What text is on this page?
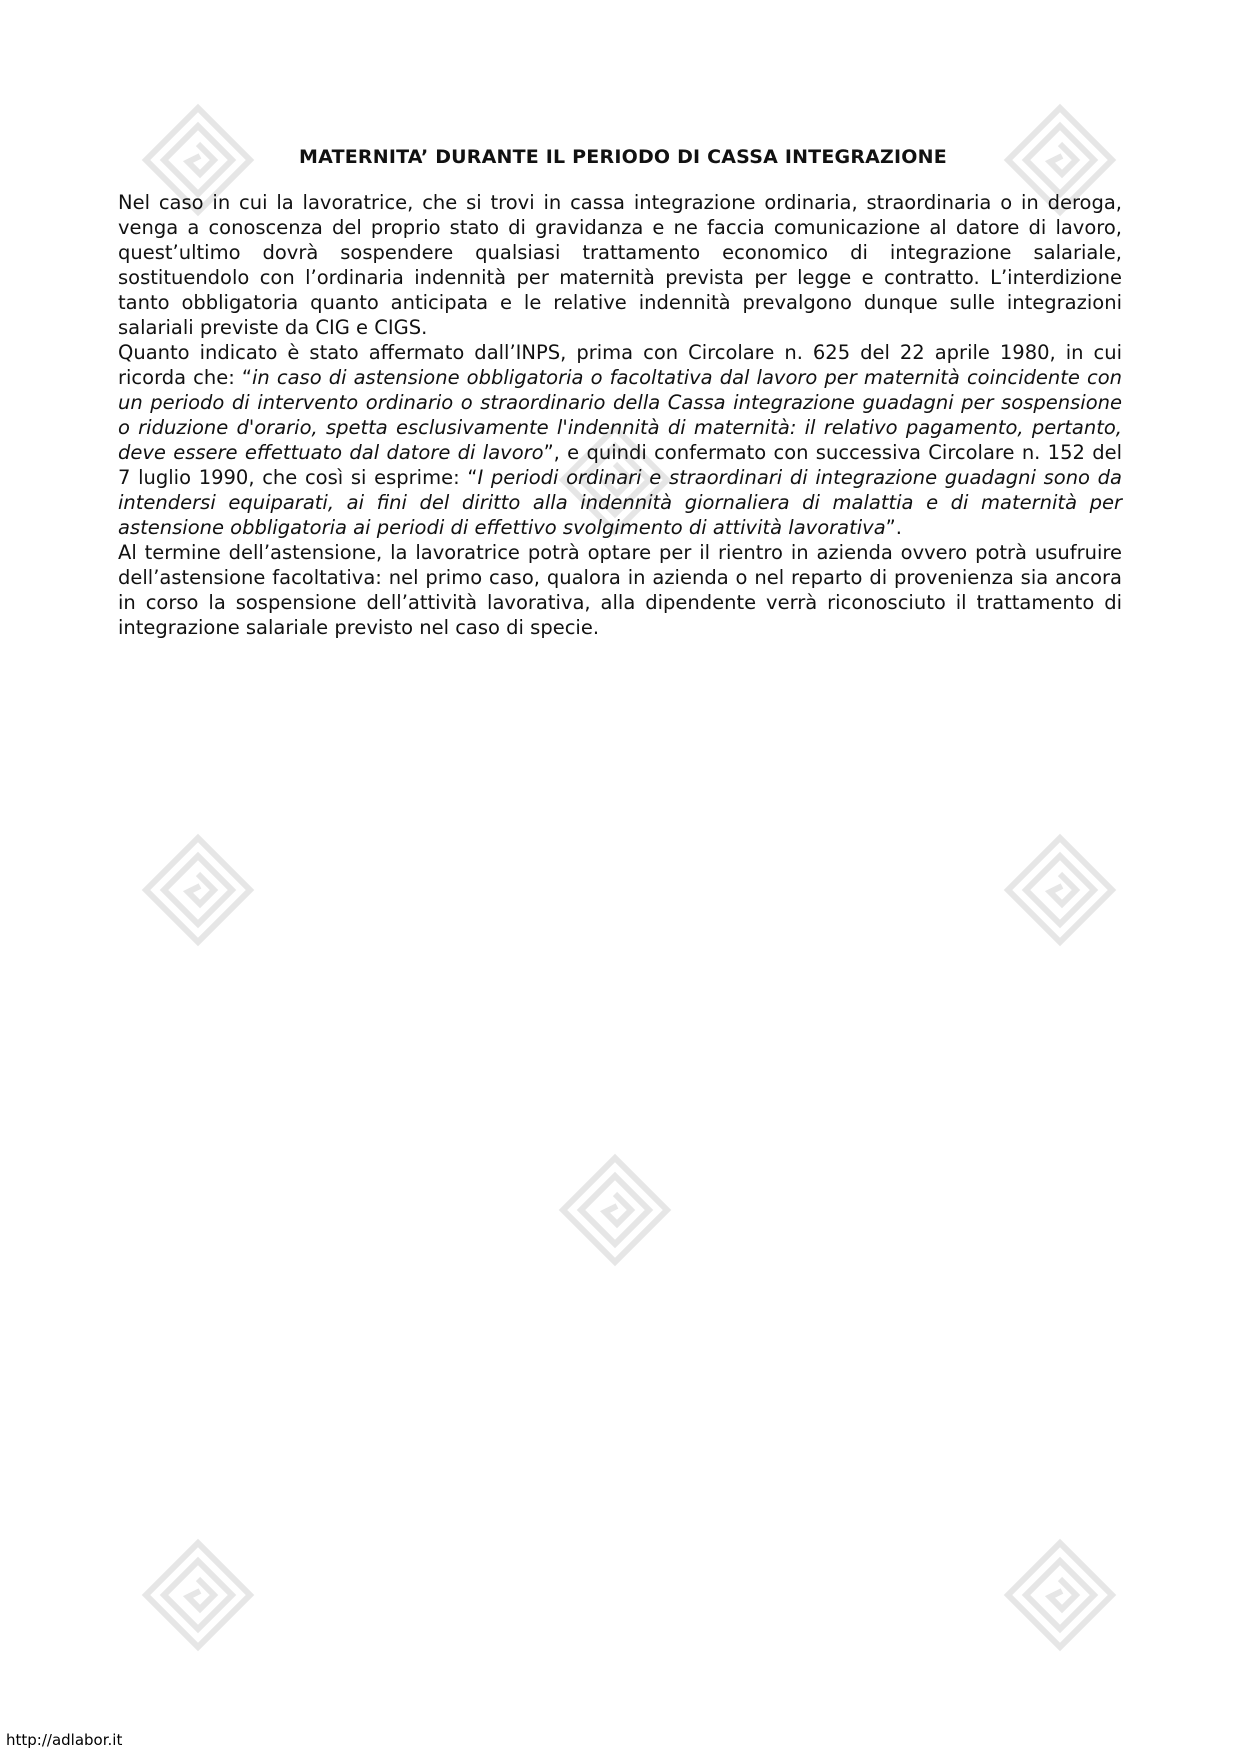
MATERNITA’ DURANTE IL PERIODO DI CASSA INTEGRAZIONE

Nel caso in cui la lavoratrice, che si trovi in cassa integrazione ordinaria, straordinaria o in deroga, venga a conoscenza del proprio stato di gravidanza e ne faccia comunicazione al datore di lavoro, quest’ultimo dovrà sospendere qualsiasi trattamento economico di integrazione salariale, sostituendolo con l’ordinaria indennità per maternità prevista per legge e contratto. L’interdizione tanto obbligatoria quanto anticipata e le relative indennità prevalgono dunque sulle integrazioni salariali previste da CIG e CIGS.

Quanto indicato è stato affermato dall’INPS, prima con Circolare n. 625 del 22 aprile 1980, in cui ricorda che: “in caso di astensione obbligatoria o facoltativa dal lavoro per maternità coincidente con un periodo di intervento ordinario o straordinario della Cassa integrazione guadagni per sospensione o riduzione d'orario, spetta esclusivamente l'indennità di maternità: il relativo pagamento, pertanto, deve essere effettuato dal datore di lavoro”, e quindi confermato con successiva Circolare n. 152 del 7 luglio 1990, che così si esprime: “I periodi ordinari e straordinari di integrazione guadagni sono da intendersi equiparati, ai fini del diritto alla indennità giornaliera di malattia e di maternità per astensione obbligatoria ai periodi di effettivo svolgimento di attività lavorativa”.

Al termine dell’astensione, la lavoratrice potrà optare per il rientro in azienda ovvero potrà usufruire dell’astensione facoltativa: nel primo caso, qualora in azienda o nel reparto di provenienza sia ancora in corso la sospensione dell’attività lavorativa, alla dipendente verrà riconosciuto il trattamento di integrazione salariale previsto nel caso di specie.

http://adlabor.it
